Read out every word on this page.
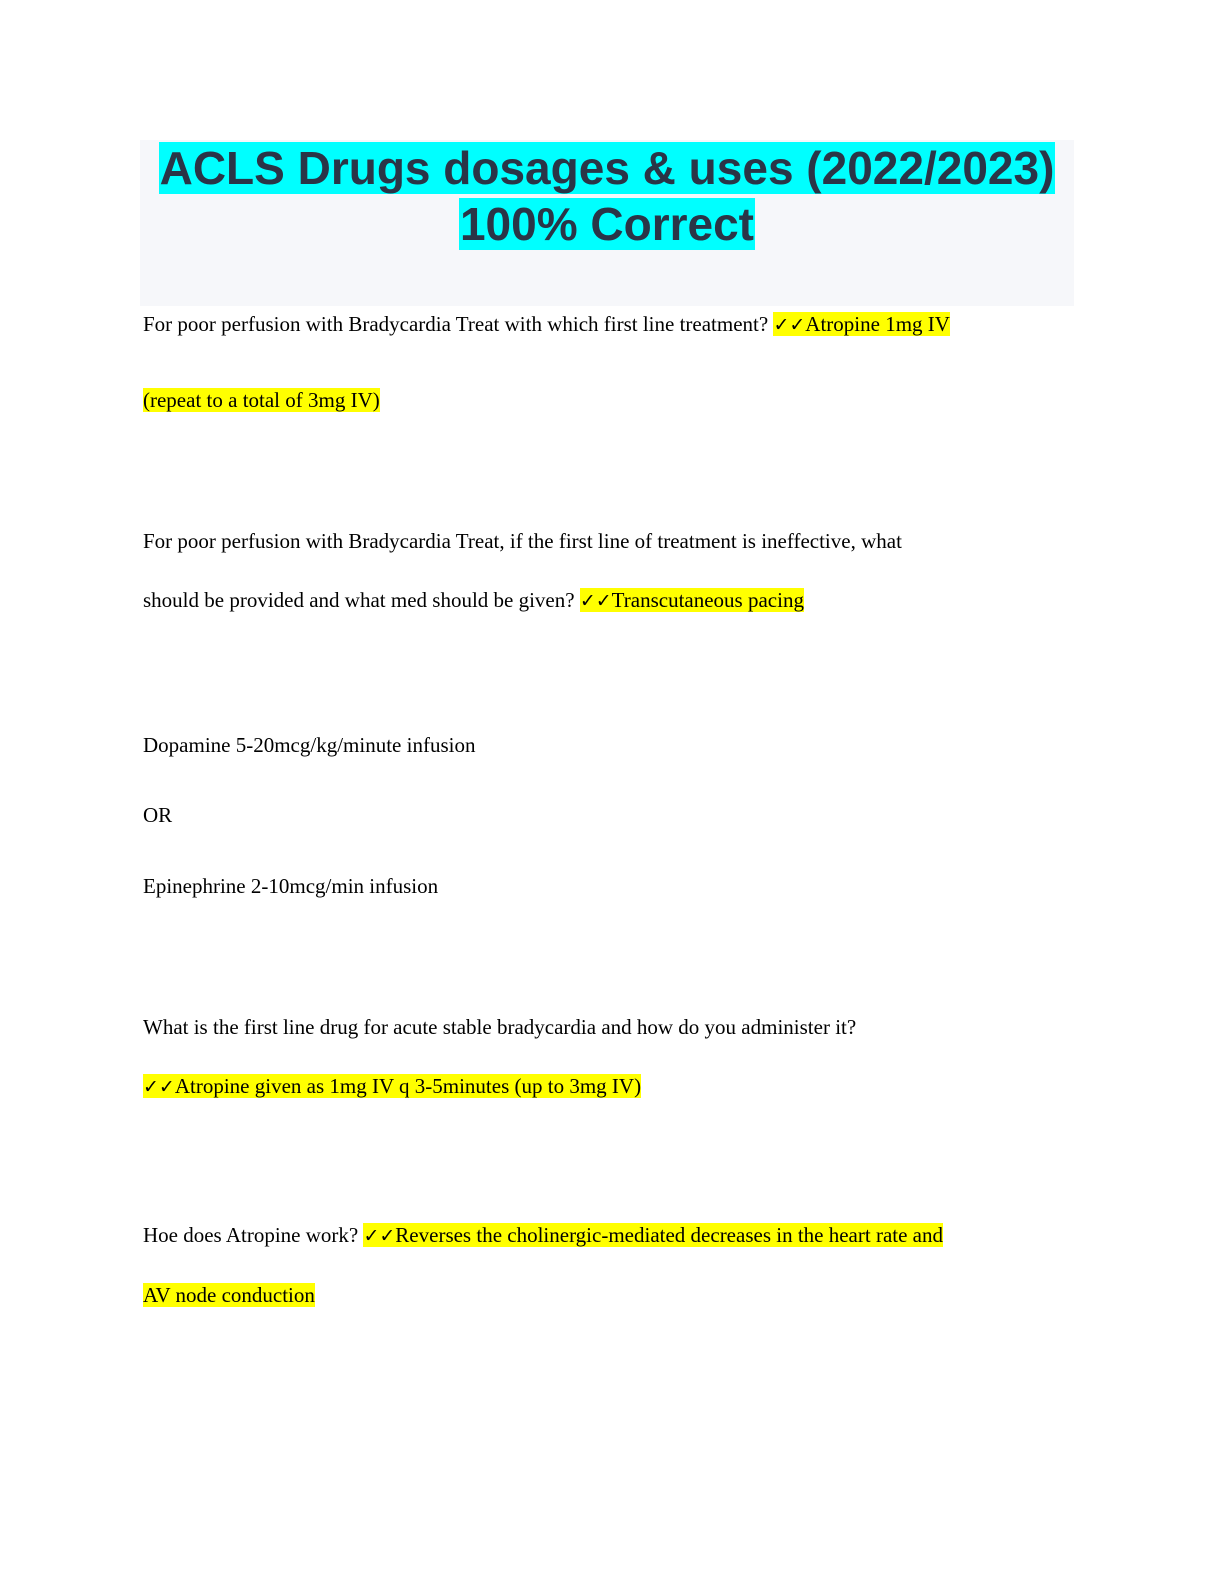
ACLS Drugs dosages & uses (2022/2023)
100% Correct
For poor perfusion with Bradycardia Treat with which first line treatment? ✓✓Atropine 1mg IV
(repeat to a total of 3mg IV)
For poor perfusion with Bradycardia Treat, if the first line of treatment is ineffective, what
should be provided and what med should be given? ✓✓Transcutaneous pacing
Dopamine 5-20mcg/kg/minute infusion
OR
Epinephrine 2-10mcg/min infusion
What is the first line drug for acute stable bradycardia and how do you administer it?
✓✓Atropine given as 1mg IV q 3-5minutes (up to 3mg IV)
Hoe does Atropine work? ✓✓Reverses the cholinergic-mediated decreases in the heart rate and
AV node conduction
